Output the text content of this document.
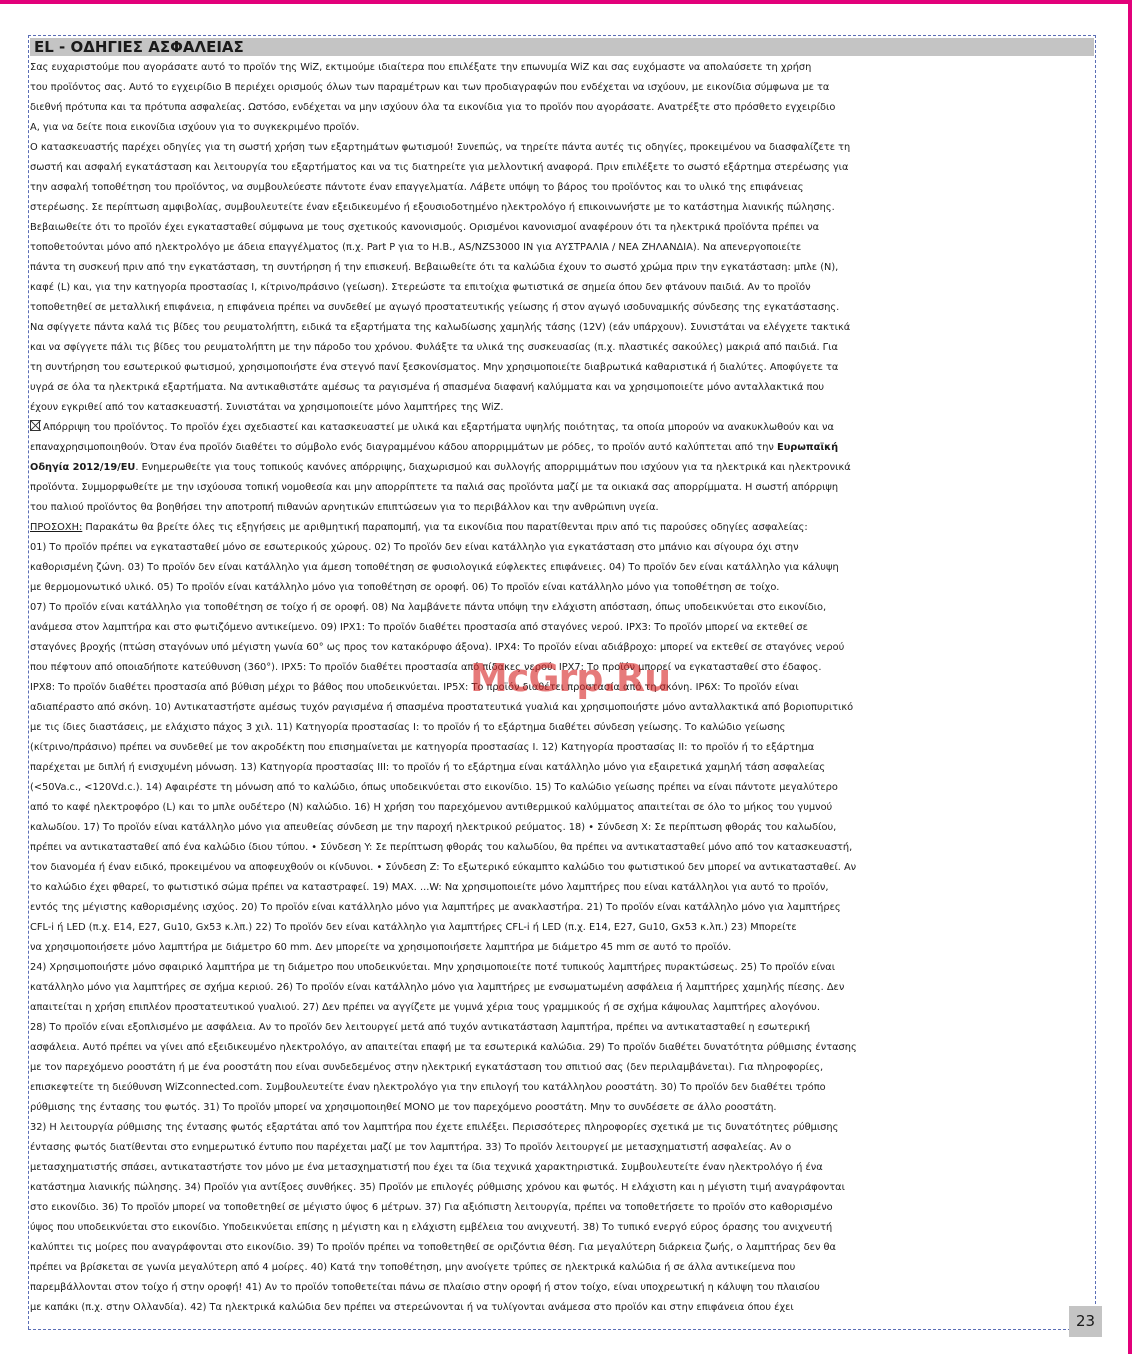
EL - ΟΔΗΓΙΕΣ ΑΣΦΑΛΕΙΑΣ

Σας ευχαριστούμε που αγοράσατε αυτό το προϊόν της WiZ, εκτιμούμε ιδιαίτερα που επιλέξατε την επωνυμία WiZ και σας ευχόμαστε να απολαύσετε τη χρήση

του προϊόντος σας. Αυτό το εγχειρίδιο Β περιέχει ορισμούς όλων των παραμέτρων και των προδιαγραφών που ενδέχεται να ισχύουν, με εικονίδια σύμφωνα με τα

διεθνή πρότυπα και τα πρότυπα ασφαλείας. Ωστόσο, ενδέχεται να μην ισχύουν όλα τα εικονίδια για το προϊόν που αγοράσατε. Ανατρέξτε στο πρόσθετο εγχειρίδιο

Α, για να δείτε ποια εικονίδια ισχύουν για το συγκεκριμένο προϊόν.

Ο κατασκευαστής παρέχει οδηγίες για τη σωστή χρήση των εξαρτημάτων φωτισμού! Συνεπώς, να τηρείτε πάντα αυτές τις οδηγίες, προκειμένου να διασφαλίζετε τη

σωστή και ασφαλή εγκατάσταση και λειτουργία του εξαρτήματος και να τις διατηρείτε για μελλοντική αναφορά. Πριν επιλέξετε το σωστό εξάρτημα στερέωσης για

την ασφαλή τοποθέτηση του προϊόντος, να συμβουλεύεστε πάντοτε έναν επαγγελματία. Λάβετε υπόψη το βάρος του προϊόντος και το υλικό της επιφάνειας

στερέωσης. Σε περίπτωση αμφιβολίας, συμβουλευτείτε έναν εξειδικευμένο ή εξουσιοδοτημένο ηλεκτρολόγο ή επικοινωνήστε με το κατάστημα λιανικής πώλησης.

Βεβαιωθείτε ότι το προϊόν έχει εγκατασταθεί σύμφωνα με τους σχετικούς κανονισμούς. Ορισμένοι κανονισμοί αναφέρουν ότι τα ηλεκτρικά προϊόντα πρέπει να

τοποθετούνται μόνο από ηλεκτρολόγο με άδεια επαγγέλματος (π.χ. Part P για το Η.Β., AS/NZS3000 IN για ΑΥΣΤΡΑΛΙΑ / ΝΕΑ ΖΗΛΑΝΔΙΑ). Να απενεργοποιείτε

πάντα τη συσκευή πριν από την εγκατάσταση, τη συντήρηση ή την επισκευή. Βεβαιωθείτε ότι τα καλώδια έχουν το σωστό χρώμα πριν την εγκατάσταση: μπλε (N),

καφέ (L) και, για την κατηγορία προστασίας Ι, κίτρινο/πράσινο (γείωση). Στερεώστε τα επιτοίχια φωτιστικά σε σημεία όπου δεν φτάνουν παιδιά. Αν το προϊόν

τοποθετηθεί σε μεταλλική επιφάνεια, η επιφάνεια πρέπει να συνδεθεί με αγωγό προστατευτικής γείωσης ή στον αγωγό ισοδυναμικής σύνδεσης της εγκατάστασης.

Να σφίγγετε πάντα καλά τις βίδες του ρευματολήπτη, ειδικά τα εξαρτήματα της καλωδίωσης χαμηλής τάσης (12V) (εάν υπάρχουν). Συνιστάται να ελέγχετε τακτικά

και να σφίγγετε πάλι τις βίδες του ρευματολήπτη με την πάροδο του χρόνου. Φυλάξτε τα υλικά της συσκευασίας (π.χ. πλαστικές σακούλες) μακριά από παιδιά. Για

τη συντήρηση του εσωτερικού φωτισμού, χρησιμοποιήστε ένα στεγνό πανί ξεσκονίσματος. Μην χρησιμοποιείτε διαβρωτικά καθαριστικά ή διαλύτες. Αποφύγετε τα

υγρά σε όλα τα ηλεκτρικά εξαρτήματα. Να αντικαθιστάτε αμέσως τα ραγισμένα ή σπασμένα διαφανή καλύμματα και να χρησιμοποιείτε μόνο ανταλλακτικά που

έχουν εγκριθεί από τον κατασκευαστή. Συνιστάται να χρησιμοποιείτε μόνο λαμπτήρες της WiZ.

Απόρριψη του προϊόντος. Το προϊόν έχει σχεδιαστεί και κατασκευαστεί με υλικά και εξαρτήματα υψηλής ποιότητας, τα οποία μπορούν να ανακυκλωθούν και να

επαναχρησιμοποιηθούν. Όταν ένα προϊόν διαθέτει το σύμβολο ενός διαγραμμένου κάδου απορριμμάτων με ρόδες, το προϊόν αυτό καλύπτεται από την Ευρωπαϊκή

Οδηγία 2012/19/EU. Ενημερωθείτε για τους τοπικούς κανόνες απόρριψης, διαχωρισμού και συλλογής απορριμμάτων που ισχύουν για τα ηλεκτρικά και ηλεκτρονικά

προϊόντα. Συμμορφωθείτε με την ισχύουσα τοπική νομοθεσία και μην απορρίπτετε τα παλιά σας προϊόντα μαζί με τα οικιακά σας απορρίμματα. Η σωστή απόρριψη

του παλιού προϊόντος θα βοηθήσει την αποτροπή πιθανών αρνητικών επιπτώσεων για το περιβάλλον και την ανθρώπινη υγεία.

ΠΡΟΣΟΧΗ: Παρακάτω θα βρείτε όλες τις εξηγήσεις με αριθμητική παραπομπή, για τα εικονίδια που παρατίθενται πριν από τις παρούσες οδηγίες ασφαλείας:

01) Το προϊόν πρέπει να εγκατασταθεί μόνο σε εσωτερικούς χώρους. 02) Το προϊόν δεν είναι κατάλληλο για εγκατάσταση στο μπάνιο και σίγουρα όχι στην

καθορισμένη ζώνη. 03) Το προϊόν δεν είναι κατάλληλο για άμεση τοποθέτηση σε φυσιολογικά εύφλεκτες επιφάνειες. 04) Το προϊόν δεν είναι κατάλληλο για κάλυψη

με θερμομονωτικό υλικό. 05) Το προϊόν είναι κατάλληλο μόνο για τοποθέτηση σε οροφή. 06) Το προϊόν είναι κατάλληλο μόνο για τοποθέτηση σε τοίχο.

07) Το προϊόν είναι κατάλληλο για τοποθέτηση σε τοίχο ή σε οροφή. 08) Να λαμβάνετε πάντα υπόψη την ελάχιστη απόσταση, όπως υποδεικνύεται στο εικονίδιο,

ανάμεσα στον λαμπτήρα και στο φωτιζόμενο αντικείμενο. 09) IPX1: Το προϊόν διαθέτει προστασία από σταγόνες νερού. IPX3: Το προϊόν μπορεί να εκτεθεί σε

σταγόνες βροχής (πτώση σταγόνων υπό μέγιστη γωνία 60° ως προς τον κατακόρυφο άξονα). IPX4: Το προϊόν είναι αδιάβροχο: μπορεί να εκτεθεί σε σταγόνες νερού

που πέφτουν από οποιαδήποτε κατεύθυνση (360°). IPX5: Το προϊόν διαθέτει προστασία από πίδακες νερού. IPX7: Το προϊόν μπορεί να εγκατασταθεί στο έδαφος.

IPX8: Το προϊόν διαθέτει προστασία από βύθιση μέχρι το βάθος που υποδεικνύεται. IP5X: Το προϊόν διαθέτει προστασία από τη σκόνη. IP6X: Το προϊόν είναι

αδιαπέραστο από σκόνη. 10) Αντικαταστήστε αμέσως τυχόν ραγισμένα ή σπασμένα προστατευτικά γυαλιά και χρησιμοποιήστε μόνο ανταλλακτικά από βοριοπυριτικό

με τις ίδιες διαστάσεις, με ελάχιστο πάχος 3 χιλ. 11) Κατηγορία προστασίας Ι: το προϊόν ή το εξάρτημα διαθέτει σύνδεση γείωσης. Το καλώδιο γείωσης

(κίτρινο/πράσινο) πρέπει να συνδεθεί με τον ακροδέκτη που επισημαίνεται με κατηγορία προστασίας Ι. 12) Κατηγορία προστασίας ΙΙ: το προϊόν ή το εξάρτημα

παρέχεται με διπλή ή ενισχυμένη μόνωση. 13) Κατηγορία προστασίας ΙΙΙ: το προϊόν ή το εξάρτημα είναι κατάλληλο μόνο για εξαιρετικά χαμηλή τάση ασφαλείας

(<50Va.c., <120Vd.c.). 14) Αφαιρέστε τη μόνωση από το καλώδιο, όπως υποδεικνύεται στο εικονίδιο. 15) Το καλώδιο γείωσης πρέπει να είναι πάντοτε μεγαλύτερο

από το καφέ ηλεκτροφόρο (L) και το μπλε ουδέτερο (N) καλώδιο. 16) Η χρήση του παρεχόμενου αντιθερμικού καλύμματος απαιτείται σε όλο το μήκος του γυμνού

καλωδίου. 17) Το προϊόν είναι κατάλληλο μόνο για απευθείας σύνδεση με την παροχή ηλεκτρικού ρεύματος. 18) • Σύνδεση X: Σε περίπτωση φθοράς του καλωδίου,

πρέπει να αντικατασταθεί από ένα καλώδιο ίδιου τύπου. • Σύνδεση Y: Σε περίπτωση φθοράς του καλωδίου, θα πρέπει να αντικατασταθεί μόνο από τον κατασκευαστή,

τον διανομέα ή έναν ειδικό, προκειμένου να αποφευχθούν οι κίνδυνοι. • Σύνδεση Z: Το εξωτερικό εύκαμπτο καλώδιο του φωτιστικού δεν μπορεί να αντικατασταθεί. Αν

το καλώδιο έχει φθαρεί, το φωτιστικό σώμα πρέπει να καταστραφεί. 19) MAX. ...W: Να χρησιμοποιείτε μόνο λαμπτήρες που είναι κατάλληλοι για αυτό το προϊόν,

εντός της μέγιστης καθορισμένης ισχύος. 20) Το προϊόν είναι κατάλληλο μόνο για λαμπτήρες με ανακλαστήρα. 21) Το προϊόν είναι κατάλληλο μόνο για λαμπτήρες

CFL-i ή LED (π.χ. E14, E27, Gu10, Gx53 κ.λπ.) 22) Το προϊόν δεν είναι κατάλληλο για λαμπτήρες CFL-i ή LED (π.χ. E14, E27, Gu10, Gx53 κ.λπ.) 23) Μπορείτε

να χρησιμοποιήσετε μόνο λαμπτήρα με διάμετρο 60 mm. Δεν μπορείτε να χρησιμοποιήσετε λαμπτήρα με διάμετρο 45 mm σε αυτό το προϊόν.

24) Χρησιμοποιήστε μόνο σφαιρικό λαμπτήρα με τη διάμετρο που υποδεικνύεται. Μην χρησιμοποιείτε ποτέ τυπικούς λαμπτήρες πυρακτώσεως. 25) Το προϊόν είναι

κατάλληλο μόνο για λαμπτήρες σε σχήμα κεριού. 26) Το προϊόν είναι κατάλληλο μόνο για λαμπτήρες με ενσωματωμένη ασφάλεια ή λαμπτήρες χαμηλής πίεσης. Δεν

απαιτείται η χρήση επιπλέον προστατευτικού γυαλιού. 27) Δεν πρέπει να αγγίζετε με γυμνά χέρια τους γραμμικούς ή σε σχήμα κάψουλας λαμπτήρες αλογόνου.

28) Το προϊόν είναι εξοπλισμένο με ασφάλεια. Αν το προϊόν δεν λειτουργεί μετά από τυχόν αντικατάσταση λαμπτήρα, πρέπει να αντικατασταθεί η εσωτερική

ασφάλεια. Αυτό πρέπει να γίνει από εξειδικευμένο ηλεκτρολόγο, αν απαιτείται επαφή με τα εσωτερικά καλώδια. 29) Το προϊόν διαθέτει δυνατότητα ρύθμισης έντασης

με τον παρεχόμενο ροοστάτη ή με ένα ροοστάτη που είναι συνδεδεμένος στην ηλεκτρική εγκατάσταση του σπιτιού σας (δεν περιλαμβάνεται). Για πληροφορίες,

επισκεφτείτε τη διεύθυνση WiZconnected.com. Συμβουλευτείτε έναν ηλεκτρολόγο για την επιλογή του κατάλληλου ροοστάτη. 30) Το προϊόν δεν διαθέτει τρόπο

ρύθμισης της έντασης του φωτός. 31) Το προϊόν μπορεί να χρησιμοποιηθεί ΜΟΝΟ με τον παρεχόμενο ροοστάτη. Μην το συνδέσετε σε άλλο ροοστάτη.

32) Η λειτουργία ρύθμισης της έντασης φωτός εξαρτάται από τον λαμπτήρα που έχετε επιλέξει. Περισσότερες πληροφορίες σχετικά με τις δυνατότητες ρύθμισης

έντασης φωτός διατίθενται στο ενημερωτικό έντυπο που παρέχεται μαζί με τον λαμπτήρα. 33) Το προϊόν λειτουργεί με μετασχηματιστή ασφαλείας. Αν ο

μετασχηματιστής σπάσει, αντικαταστήστε τον μόνο με ένα μετασχηματιστή που έχει τα ίδια τεχνικά χαρακτηριστικά. Συμβουλευτείτε έναν ηλεκτρολόγο ή ένα

κατάστημα λιανικής πώλησης. 34) Προϊόν για αντίξοες συνθήκες. 35) Προϊόν με επιλογές ρύθμισης χρόνου και φωτός. Η ελάχιστη και η μέγιστη τιμή αναγράφονται

στο εικονίδιο. 36) Το προϊόν μπορεί να τοποθετηθεί σε μέγιστο ύψος 6 μέτρων. 37) Για αξιόπιστη λειτουργία, πρέπει να τοποθετήσετε το προϊόν στο καθορισμένο

ύψος που υποδεικνύεται στο εικονίδιο. Υποδεικνύεται επίσης η μέγιστη και η ελάχιστη εμβέλεια του ανιχνευτή. 38) Το τυπικό ενεργό εύρος όρασης του ανιχνευτή

καλύπτει τις μοίρες που αναγράφονται στο εικονίδιο. 39) Το προϊόν πρέπει να τοποθετηθεί σε οριζόντια θέση. Για μεγαλύτερη διάρκεια ζωής, ο λαμπτήρας δεν θα

πρέπει να βρίσκεται σε γωνία μεγαλύτερη από 4 μοίρες. 40) Κατά την τοποθέτηση, μην ανοίγετε τρύπες σε ηλεκτρικά καλώδια ή σε άλλα αντικείμενα που

παρεμβάλλονται στον τοίχο ή στην οροφή! 41) Αν το προϊόν τοποθετείται πάνω σε πλαίσιο στην οροφή ή στον τοίχο, είναι υποχρεωτική η κάλυψη του πλαισίου

με καπάκι (π.χ. στην Ολλανδία). 42) Τα ηλεκτρικά καλώδια δεν πρέπει να στερεώνονται ή να τυλίγονται ανάμεσα στο προϊόν και στην επιφάνεια όπου έχει

McGrp.Ru
23
